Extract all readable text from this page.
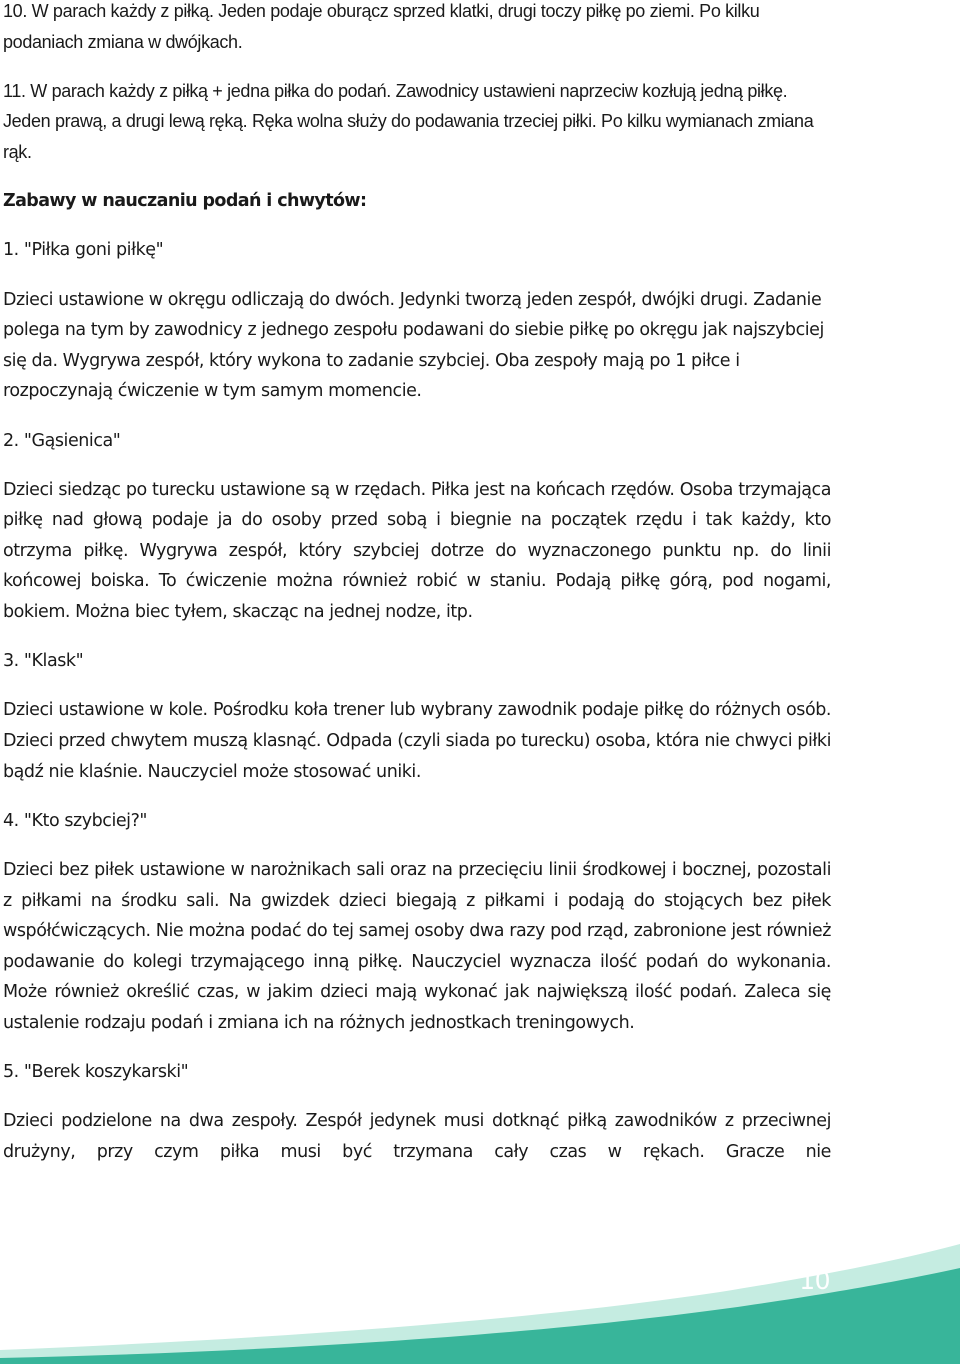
10. W parach każdy z piłką. Jeden podaje oburącz sprzed klatki, drugi toczy piłkę po ziemi. Po kilku podaniach zmiana w dwójkach.

11. W parach każdy z piłką + jedna piłka do podań. Zawodnicy ustawieni naprzeciw kozłują jedną piłkę. Jeden prawą, a drugi lewą ręką. Ręka wolna służy do podawania trzeciej piłki. Po kilku wymianach zmiana rąk.

Zabawy w nauczaniu podań i chwytów:

1. "Piłka goni piłkę"

Dzieci ustawione w okręgu odliczają do dwóch. Jedynki tworzą jeden zespół, dwójki drugi. Zadanie polega na tym by zawodnicy z jednego zespołu podawani do siebie piłkę po okręgu jak najszybciej się da. Wygrywa zespół, który wykona to zadanie szybciej. Oba zespoły mają po 1 piłce i rozpoczynają ćwiczenie w tym samym momencie.

2. "Gąsienica"

Dzieci siedząc po turecku ustawione są w rzędach. Piłka jest na końcach rzędów. Osoba trzymająca piłkę nad głową podaje ja do osoby przed sobą i biegnie na początek rzędu i tak każdy, kto otrzyma piłkę. Wygrywa zespół, który szybciej dotrze do wyznaczonego punktu np. do linii końcowej boiska. To ćwiczenie można również robić w staniu. Podają piłkę górą, pod nogami, bokiem. Można biec tyłem, skacząc na jednej nodze, itp.

3. "Klask"

Dzieci ustawione w kole. Pośrodku koła trener lub wybrany zawodnik podaje piłkę do różnych osób. Dzieci przed chwytem muszą klasnąć. Odpada (czyli siada po turecku) osoba, która nie chwyci piłki bądź nie klaśnie. Nauczyciel może stosować uniki.

4. "Kto szybciej?"

Dzieci bez piłek ustawione w narożnikach sali oraz na przecięciu linii środkowej i bocznej, pozostali z piłkami na środku sali. Na gwizdek dzieci biegają z piłkami i podają do stojących bez piłek współćwiczących. Nie można podać do tej samej osoby dwa razy pod rząd, zabronione jest również podawanie do kolegi trzymającego inną piłkę. Nauczyciel wyznacza ilość podań do wykonania. Może również określić czas, w jakim dzieci mają wykonać jak największą ilość podań. Zaleca się ustalenie rodzaju podań i zmiana ich na różnych jednostkach treningowych.

5. "Berek koszykarski"

Dzieci podzielone na dwa zespoły. Zespół jedynek musi dotknąć piłką zawodników z przeciwnej drużyny, przy czym piłka musi być trzymana cały czas w rękach. Gracze nie

10
